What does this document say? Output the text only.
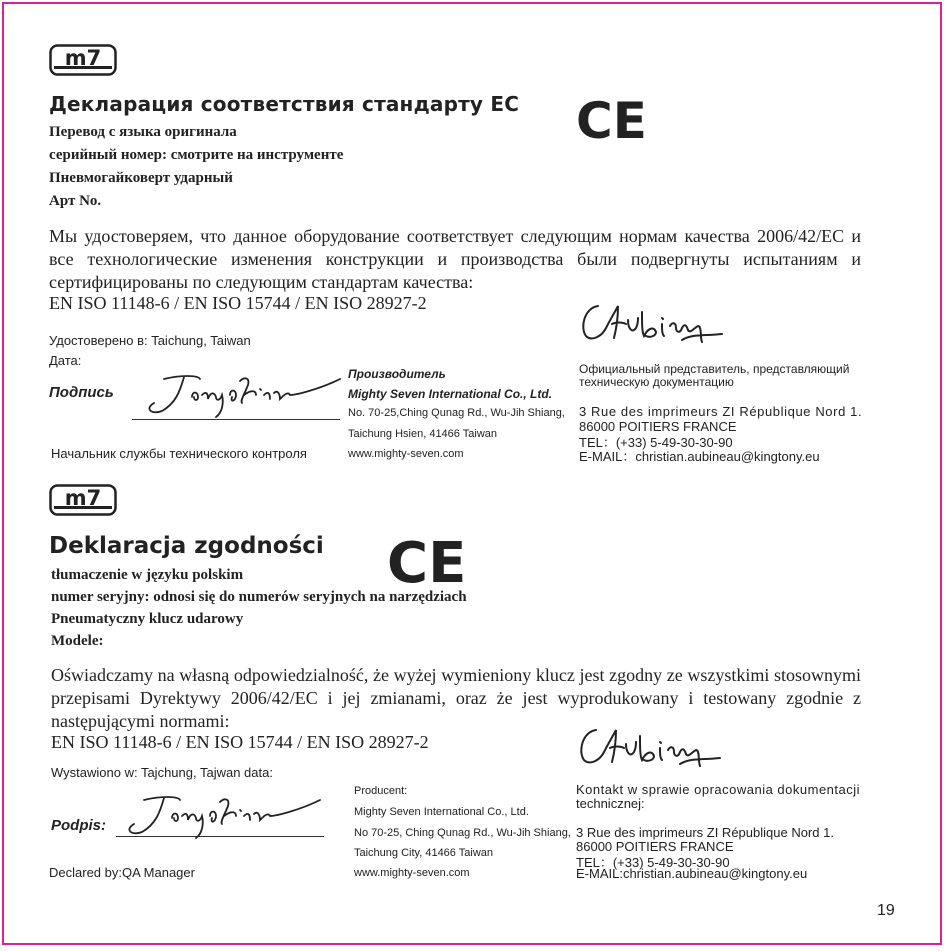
m7
Декларация соответствия стандарту ЕС CE
Перевод с языка оригинала
серийный номер: смотрите на инструменте
Пневмогайковерт ударный
Арт No.
Мы удостоверяем, что данное оборудование соответствует следующим нормам качества 2006/42/EC и все технологические изменения конструкции и производства были подвергнуты испытаниям и сертифицированы по следующим стандартам качества:
EN ISO 11148-6 / EN ISO 15744 / EN ISO 28927-2
Удостоверено в: Taichung, Taiwan
Дата:
Подпись
Начальник службы технического контроля
Производитель
Mighty Seven International Co., Ltd.
No. 70-25,Ching Qunag Rd., Wu-Jih Shiang,
Taichung Hsien, 41466 Taiwan
www.mighty-seven.com
Официальный представитель, представляющий
техническую документацию
3 Rue des imprimeurs ZI République Nord 1.
86000 POITIERS FRANCE
TEL：(+33) 5-49-30-30-90
E-MAIL：christian.aubineau@kingtony.eu
m7
Deklaracja zgodności CE
tłumaczenie w języku polskim
numer seryjny: odnosi się do numerów seryjnych na narzędziach
Pneumatyczny klucz udarowy
Modele:
Oświadczamy na własną odpowiedzialność, że wyżej wymieniony klucz jest zgodny ze wszystkimi stosownymi przepisami Dyrektywy 2006/42/EC i jej zmianami, oraz że jest wyprodukowany i testowany zgodnie z następującymi normami:
EN ISO 11148-6 / EN ISO 15744 / EN ISO 28927-2
Wystawiono w: Tajchung, Tajwan data:
Podpis:
Declared by:QA Manager
Producent:
Mighty Seven International Co., Ltd.
No 70-25, Ching Qunag Rd., Wu-Jih Shiang,
Taichung City, 41466 Taiwan
www.mighty-seven.com
Kontakt w sprawie opracowania dokumentacji
technicznej:
3 Rue des imprimeurs ZI République Nord 1.
86000 POITIERS FRANCE
TEL：(+33) 5-49-30-30-90
E-MAIL:christian.aubineau@kingtony.eu
19
